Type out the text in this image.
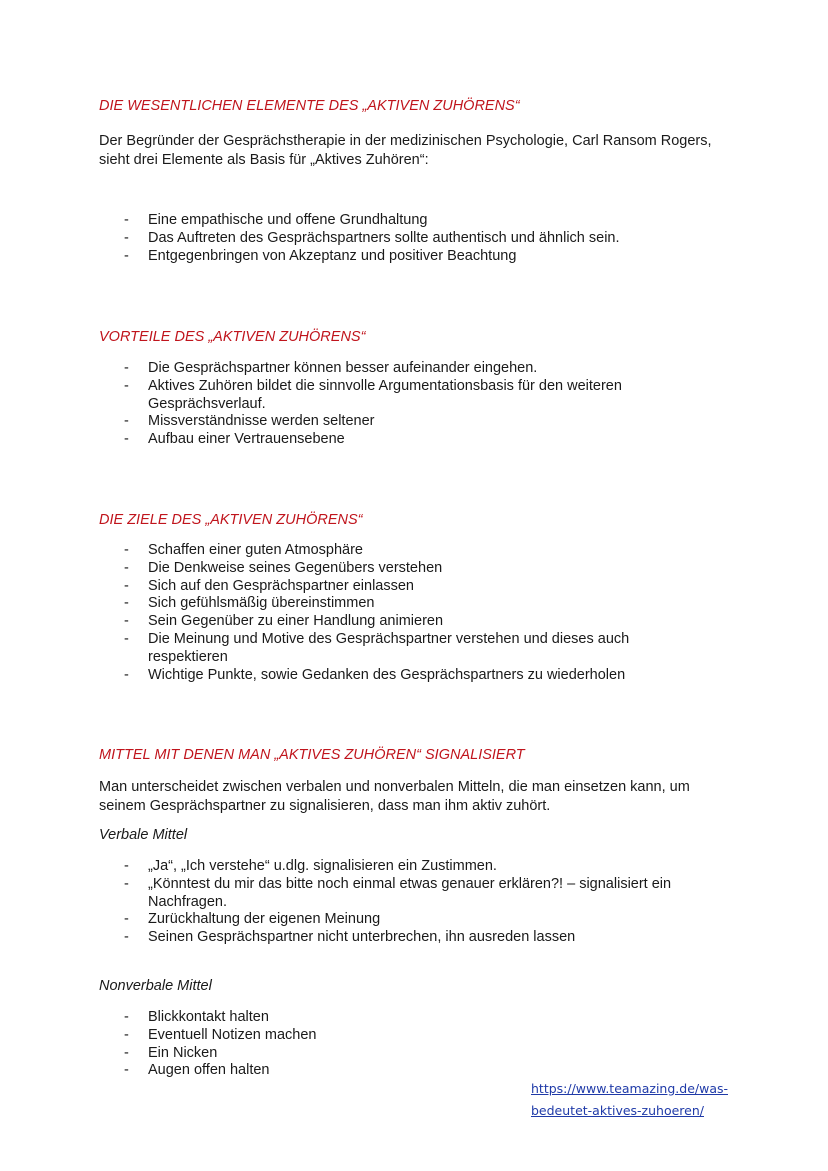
DIE WESENTLICHEN ELEMENTE DES „AKTIVEN ZUHÖRENS“

Der Begründer der Gesprächstherapie in der medizinischen Psychologie, Carl Ransom Rogers, sieht drei Elemente als Basis für „Aktives Zuhören“:

- Eine empathische und offene Grundhaltung
- Das Auftreten des Gesprächspartners sollte authentisch und ähnlich sein.
- Entgegenbringen von Akzeptanz und positiver Beachtung
VORTEILE DES „AKTIVEN ZUHÖRENS“
- Die Gesprächspartner können besser aufeinander eingehen.
- Aktives Zuhören bildet die sinnvolle Argumentationsbasis für den weiteren Gesprächsverlauf.
- Missverständnisse werden seltener
- Aufbau einer Vertrauensebene
DIE ZIELE DES „AKTIVEN ZUHÖRENS“
- Schaffen einer guten Atmosphäre
- Die Denkweise seines Gegenübers verstehen
- Sich auf den Gesprächspartner einlassen
- Sich gefühlsmäßig übereinstimmen
- Sein Gegenüber zu einer Handlung animieren
- Die Meinung und Motive des Gesprächspartner verstehen und dieses auch respektieren
- Wichtige Punkte, sowie Gedanken des Gesprächspartners zu wiederholen
MITTEL MIT DENEN MAN „AKTIVES ZUHÖREN“ SIGNALISIERT

Man unterscheidet zwischen verbalen und nonverbalen Mitteln, die man einsetzen kann, um seinem Gesprächspartner zu signalisieren, dass man ihm aktiv zuhört.

Verbale Mittel

- „Ja“, „Ich verstehe“ u.dlg. signalisieren ein Zustimmen.
- „Könntest du mir das bitte noch einmal etwas genauer erklären?! – signalisiert ein Nachfragen.
- Zurückhaltung der eigenen Meinung
- Seinen Gesprächspartner nicht unterbrechen, ihn ausreden lassen

Nonverbale Mittel

- Blickkontakt halten
- Eventuell Notizen machen
- Ein Nicken
- Augen offen halten
https://www.teamazing.de/was-bedeutet-aktives-zuhoeren/
